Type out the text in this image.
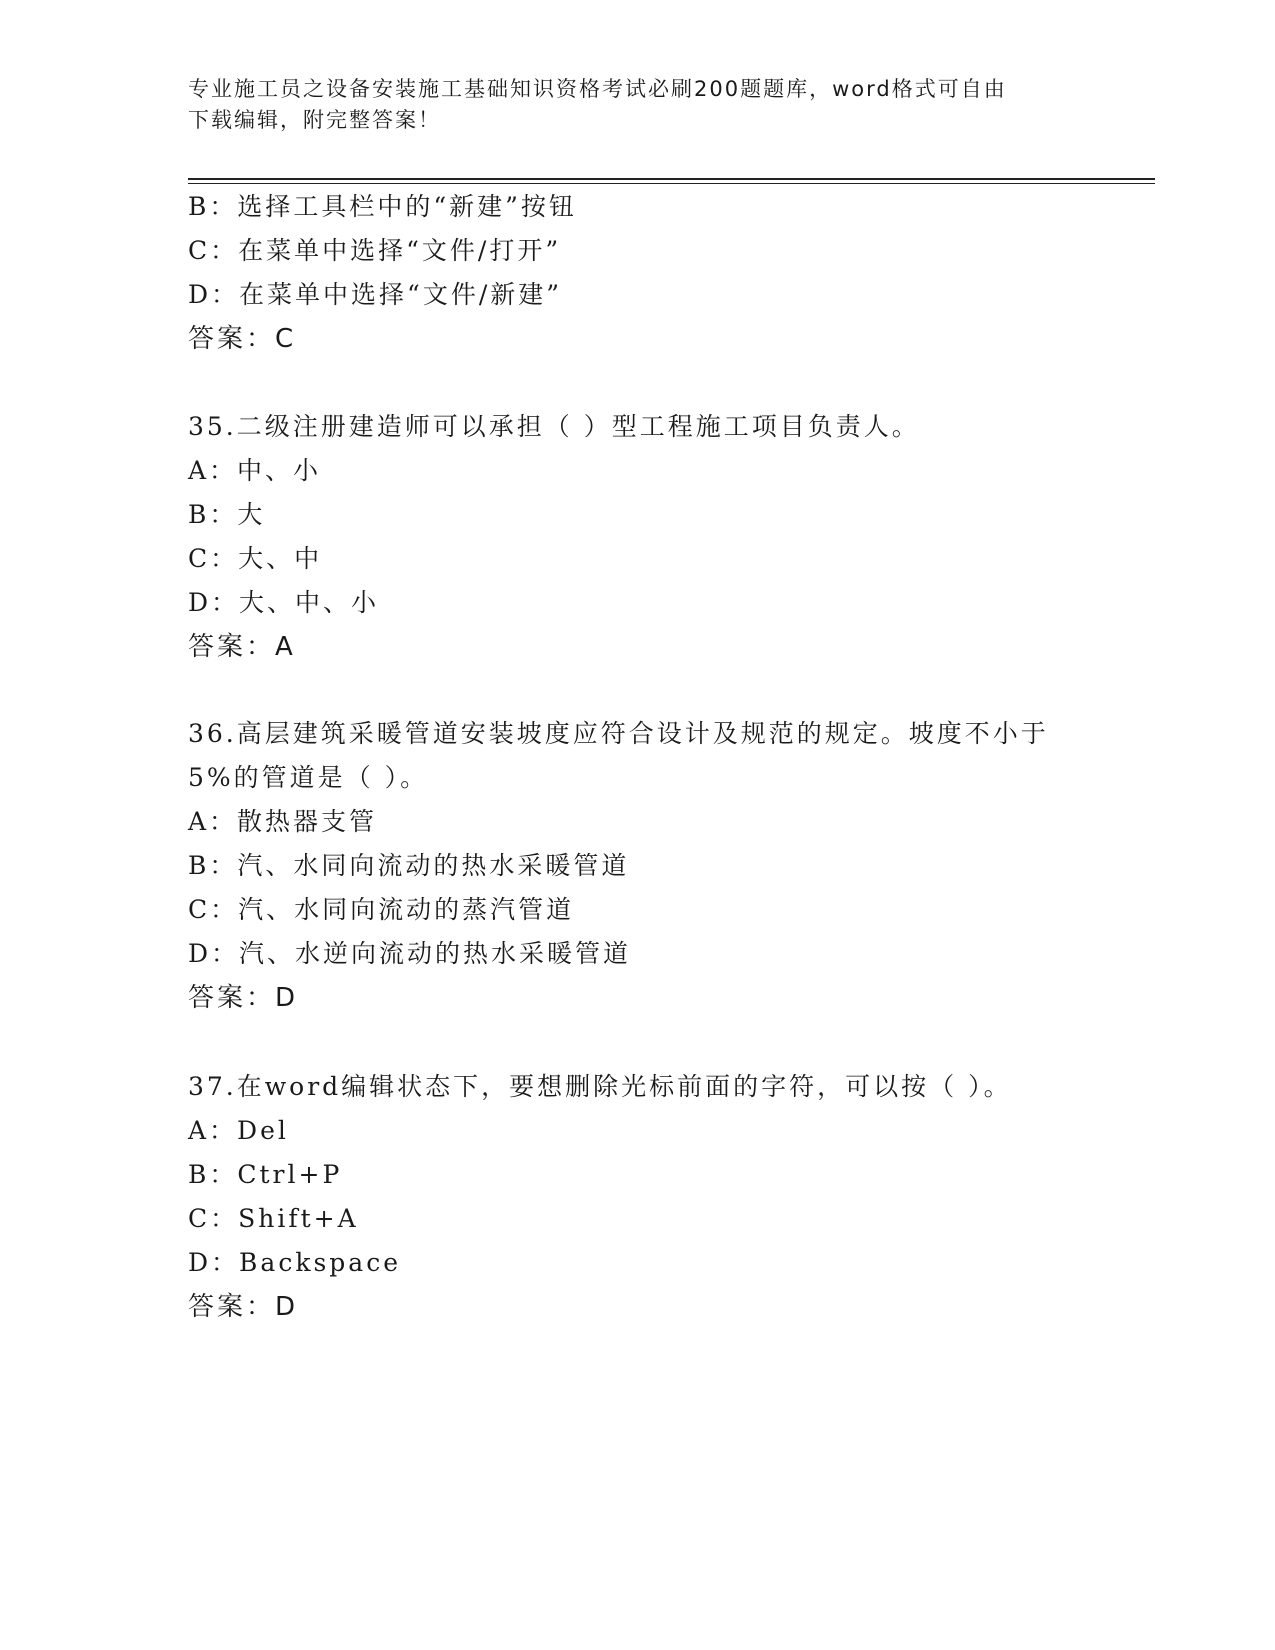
专业施工员之设备安装施工基础知识资格考试必刷200题题库，word格式可自由
下载编辑，附完整答案！
B：选择工具栏中的“新建”按钮
C：在菜单中选择“文件/打开”
D：在菜单中选择“文件/新建”
答案：C
35.二级注册建造师可以承担（ ）型工程施工项目负责人。
A：中、小
B：大
C：大、中
D：大、中、小
答案：A
36.高层建筑采暖管道安装坡度应符合设计及规范的规定。坡度不小于
5%的管道是（ ）。
A：散热器支管
B：汽、水同向流动的热水采暖管道
C：汽、水同向流动的蒸汽管道
D：汽、水逆向流动的热水采暖管道
答案：D
37.在word编辑状态下，要想删除光标前面的字符，可以按（ ）。
A：Del
B：Ctrl+P
C：Shift+A
D：Backspace
答案：D
